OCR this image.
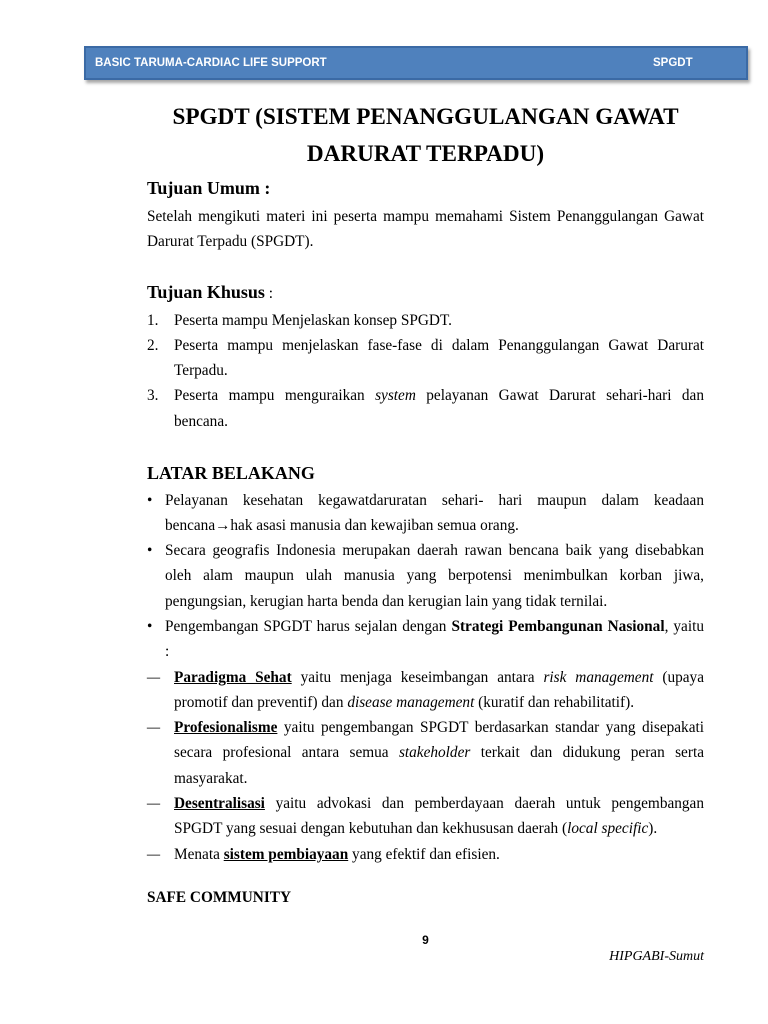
BASIC TARUMA-CARDIAC LIFE SUPPORT	SPGDT
SPGDT (SISTEM PENANGGULANGAN GAWAT
DARURAT TERPADU)
Tujuan Umum :
Setelah mengikuti materi ini peserta mampu memahami Sistem Penanggulangan Gawat
Darurat Terpadu (SPGDT).
Tujuan Khusus :
1. Peserta mampu Menjelaskan konsep SPGDT.
2. Peserta mampu menjelaskan fase-fase di dalam Penanggulangan Gawat Darurat
Terpadu.
3. Peserta mampu menguraikan system pelayanan Gawat Darurat sehari-hari dan
bencana.
LATAR BELAKANG
• Pelayanan kesehatan kegawatdaruratan sehari- hari maupun dalam keadaan
bencana→hak asasi manusia dan kewajiban semua orang.
• Secara geografis Indonesia merupakan daerah rawan bencana baik yang disebabkan
oleh alam maupun ulah manusia yang berpotensi menimbulkan korban jiwa,
pengungsian, kerugian harta benda dan kerugian lain yang tidak ternilai.
• Pengembangan SPGDT harus sejalan dengan Strategi Pembangunan Nasional, yaitu
:
– Paradigma Sehat yaitu menjaga keseimbangan antara risk management (upaya
promotif dan preventif) dan disease management (kuratif dan rehabilitatif).
– Profesionalisme yaitu pengembangan SPGDT berdasarkan standar yang disepakati
secara profesional antara semua stakeholder terkait dan didukung peran serta
masyarakat.
– Desentralisasi yaitu advokasi dan pemberdayaan daerah untuk pengembangan
SPGDT yang sesuai dengan kebutuhan dan kekhususan daerah (local specific).
– Menata sistem pembiayaan yang efektif dan efisien.
SAFE COMMUNITY
9
HIPGABI-Sumut
